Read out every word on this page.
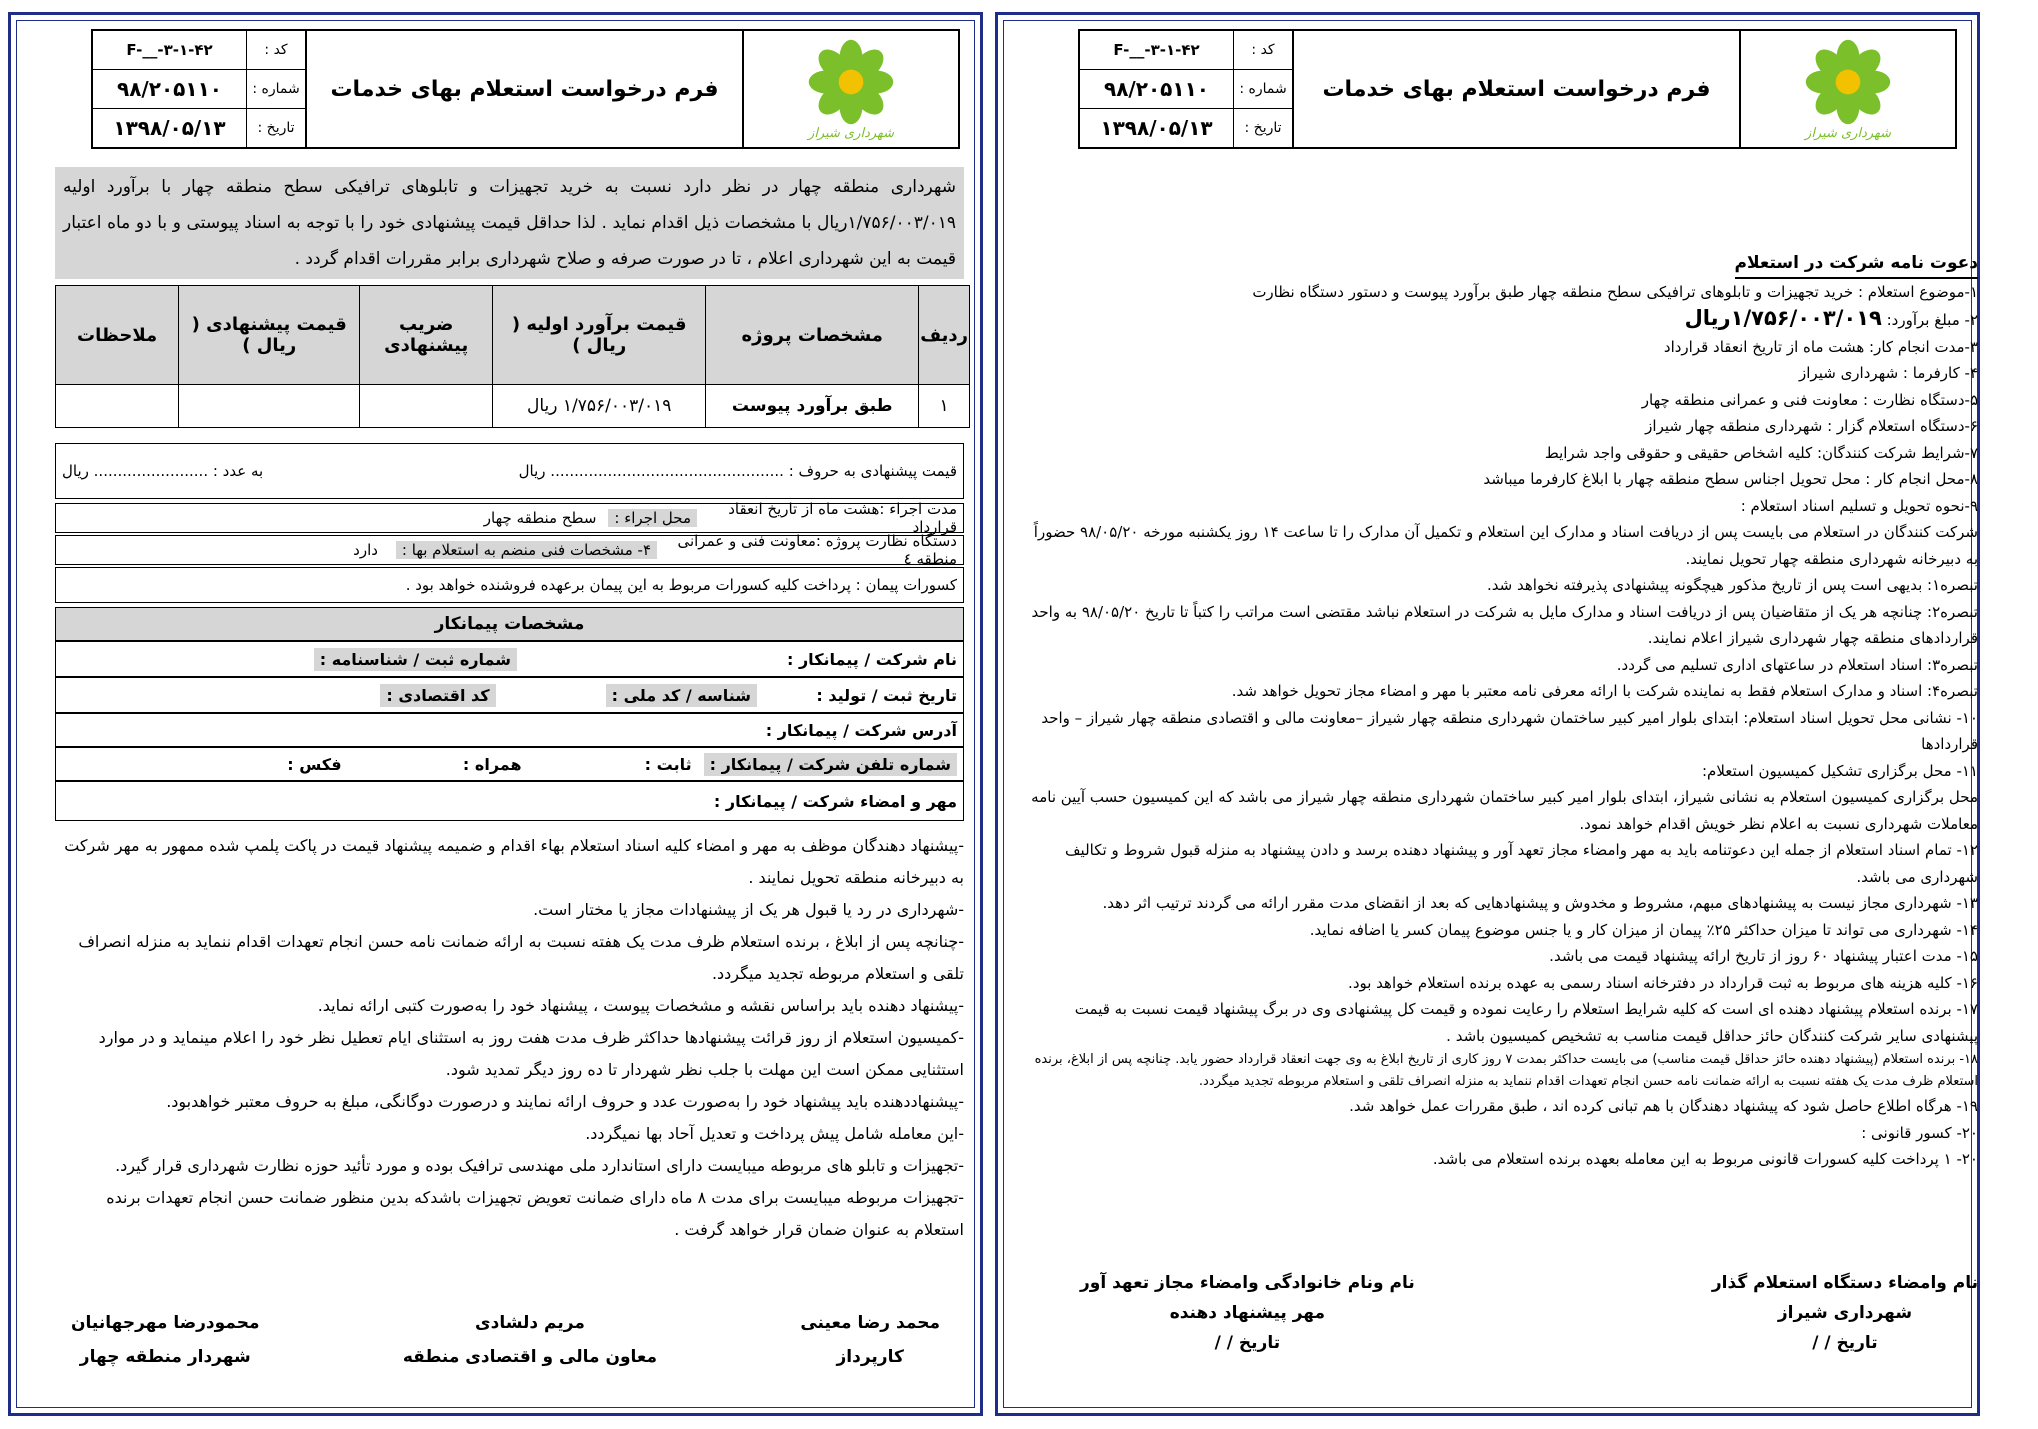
شهرداری شیراز
فرم درخواست استعلام بهای خدمات
کد :
F-__-۳-۱-۴۲
شماره :
۹۸/۲۰۵۱۱۰
تاریخ :
۱۳۹۸/۰۵/۱۳
شهرداری منطقه چهار در نظر دارد نسبت به خرید تجهیزات و تابلوهای ترافیکی سطح منطقه چهار با برآورد اولیه ۱/۷۵۶/۰۰۳/۰۱۹ریال با مشخصات ذیل اقدام نماید . لذا حداقل قیمت پیشنهادی خود را با توجه به اسناد پیوستی و با دو ماه اعتبار قیمت به این شهرداری اعلام ، تا در صورت صرفه و صلاح شهرداری برابر مقررات اقدام گردد .
ردیف	مشخصات پروژه	قیمت برآورد اولیه ( ریال )	ضریب پیشنهادی	قیمت پیشنهادی ( ریال )	ملاحظات
۱	طبق برآورد پیوست	۱/۷۵۶/۰۰۳/۰۱۹ ریال			
قیمت پیشنهادی به حروف : ................................................. ریال
به عدد : ........................ ریال
مدت اجراء :هشت ماه از تاریخ انعقاد قرارداد
محل اجراء :
سطح منطقه چهار
دستگاه نظارت پروژه :معاونت فنی و عمرانی منطقه ٤
۴- مشخصات فنی منضم به استعلام بها :
دارد
کسورات پیمان : پرداخت کلیه کسورات مربوط به این پیمان برعهده فروشنده خواهد بود .
مشخصات پیمانکار
نام شرکت / پیمانکار :
شماره ثبت / شناسنامه :
تاریخ ثبت / تولید :
شناسه / کد ملی :
کد اقتصادی :
آدرس شرکت / پیمانکار :
شماره تلفن شرکت / پیمانکار :
ثابت :
همراه :
فکس :
مهر و امضاء شرکت / پیمانکار :

-پیشنهاد دهندگان موظف به مهر و امضاء کلیه اسناد استعلام بهاء اقدام و ضمیمه پیشنهاد قیمت در پاکت پلمپ شده ممهور به مهر شرکت به دبیرخانه منطقه تحویل نمایند .

-شهرداری در رد یا قبول هر یک از پیشنهادات مجاز یا مختار است.

-چنانچه پس از ابلاغ ، برنده استعلام ظرف مدت یک هفته نسبت به ارائه ضمانت نامه حسن انجام تعهدات اقدام ننماید به منزله انصراف تلقی و استعلام مربوطه تجدید میگردد.

-پیشنهاد دهنده باید براساس نقشه و مشخصات پیوست ، پیشنهاد خود را به‌صورت کتبی ارائه نماید.

-کمیسیون استعلام از روز قرائت پیشنهادها حداکثر ظرف مدت هفت روز به استثنای ایام تعطیل نظر خود را اعلام مینماید و در موارد استثنایی ممکن است این مهلت با جلب نظر شهردار تا ده روز دیگر تمدید شود.

-پیشنهاددهنده باید پیشنهاد خود را به‌صورت عدد و حروف ارائه نمایند و درصورت دوگانگی، مبلغ به حروف معتبر خواهدبود.

-این معامله شامل پیش پرداخت و تعدیل آحاد بها نمیگردد.

-تجهیزات و تابلو های مربوطه میبایست دارای استاندارد ملی مهندسی ترافیک بوده و مورد تأئید حوزه نظارت شهرداری قرار گیرد.

-تجهیزات مربوطه میبایست برای مدت ۸ ماه دارای ضمانت تعویض تجهیزات باشدکه بدین منظور ضمانت حسن انجام تعهدات برنده استعلام به عنوان ضمان قرار خواهد گرفت .

محمد رضا معینی
کارپرداز
مریم دلشادی
معاون مالی و اقتصادی منطقه
محمودرضا مهرجهانیان
شهردار منطقه چهار
شهرداری شیراز
فرم درخواست استعلام بهای خدمات
کد :
F-__-۳-۱-۴۲
شماره :
۹۸/۲۰۵۱۱۰
تاریخ :
۱۳۹۸/۰۵/۱۳
دعوت نامه شرکت در استعلام

۱-موضوع استعلام : خرید تجهیزات و تابلوهای ترافیکی سطح منطقه چهار طبق برآورد پیوست و دستور دستگاه نظارت

۲- مبلغ برآورد: ۱/۷۵۶/۰۰۳/۰۱۹ریال

۳-مدت انجام کار: هشت ماه از تاریخ انعقاد قرارداد

۴- کارفرما : شهرداری شیراز

۵-دستگاه نظارت : معاونت فنی و عمرانی منطقه چهار

۶-دستگاه استعلام گزار : شهرداری منطقه چهار شیراز

۷-شرایط شرکت کنندگان: کلیه اشخاص حقیقی و حقوقی واجد شرایط

۸-محل انجام کار : محل تحویل اجناس سطح منطقه چهار با ابلاغ کارفرما میباشد

۹-نحوه تحویل و تسلیم اسناد استعلام :

شرکت کنندگان در استعلام می بایست پس از دریافت اسناد و مدارک این استعلام و تکمیل آن مدارک را تا ساعت ۱۴ روز یکشنبه مورخه ۹۸/۰۵/۲۰ حضوراً به دبیرخانه شهرداری منطقه چهار تحویل نمایند.

تبصره۱: بدیهی است پس از تاریخ مذکور هیچگونه پیشنهادی پذیرفته نخواهد شد.

تبصره۲: چنانچه هر یک از متقاضیان پس از دریافت اسناد و مدارک مایل به شرکت در استعلام نباشد مقتضی است مراتب را کتباً تا تاریخ ۹۸/۰۵/۲۰ به واحد قراردادهای منطقه چهار شهرداری شیراز اعلام نمایند.

تبصره۳: اسناد استعلام در ساعتهای اداری تسلیم می گردد.

تبصره۴: اسناد و مدارک استعلام فقط به نماینده شرکت با ارائه معرفی نامه معتبر با مهر و امضاء مجاز تحویل خواهد شد.

۱۰- نشانی محل تحویل اسناد استعلام: ابتدای بلوار امیر کبیر ساختمان شهرداری منطقه چهار شیراز –معاونت مالی و اقتصادی منطقه چهار شیراز – واحد قراردادها

۱۱- محل برگزاری تشکیل کمیسیون استعلام:

محل برگزاری کمیسیون استعلام به نشانی شیراز، ابتدای بلوار امیر کبیر ساختمان شهرداری منطقه چهار شیراز می باشد که این کمیسیون حسب آیین نامه معاملات شهرداری نسبت به اعلام نظر خویش اقدام خواهد نمود.

۱۲- تمام اسناد استعلام از جمله این دعوتنامه باید به مهر وامضاء مجاز تعهد آور و پیشنهاد دهنده برسد و دادن پیشنهاد به منزله قبول شروط و تکالیف شهرداری می باشد.

۱۳- شهرداری مجاز نیست به پیشنهادهای مبهم، مشروط و مخدوش و پیشنهادهایی که بعد از انقضای مدت مقرر ارائه می گردند ترتیب اثر دهد.

۱۴- شهرداری می تواند تا میزان حداکثر ۲۵٪ پیمان از میزان کار و یا جنس موضوع پیمان کسر یا اضافه نماید.

۱۵- مدت اعتبار پیشنهاد ۶۰ روز از تاریخ ارائه پیشنهاد قیمت می باشد.

۱۶- کلیه هزینه های مربوط به ثبت قرارداد در دفترخانه اسناد رسمی به عهده برنده استعلام خواهد بود.

۱۷- برنده استعلام پیشنهاد دهنده ای است که کلیه شرایط استعلام را رعایت نموده و قیمت کل پیشنهادی وی در برگ پیشنهاد قیمت نسبت به قیمت پیشنهادی سایر شرکت کنندگان حائز حداقل قیمت مناسب به تشخیص کمیسیون باشد .

۱۸- برنده استعلام (پیشنهاد دهنده حائز حداقل قیمت مناسب) می بایست حداکثر بمدت ۷ روز کاری از تاریخ ابلاغ به وی جهت انعقاد قرارداد حضور یابد. چنانچه پس از ابلاغ، برنده استعلام ظرف مدت یک هفته نسبت به ارائه ضمانت نامه حسن انجام تعهدات اقدام ننماید به منزله انصراف تلقی و استعلام مربوطه تجدید میگردد.

۱۹- هرگاه اطلاع حاصل شود که پیشنهاد دهندگان با هم تبانی کرده اند ، طبق مقررات عمل خواهد شد.

۲۰- کسور قانونی :

۲۰- ۱ پرداخت کلیه کسورات قانونی مربوط به این معامله بعهده برنده استعلام می باشد.

نام وامضاء دستگاه استعلام گذار
شهرداری شیراز
تاریخ / /
نام ونام خانوادگی وامضاء مجاز تعهد آور
مهر پیشنهاد دهنده
تاریخ / /
